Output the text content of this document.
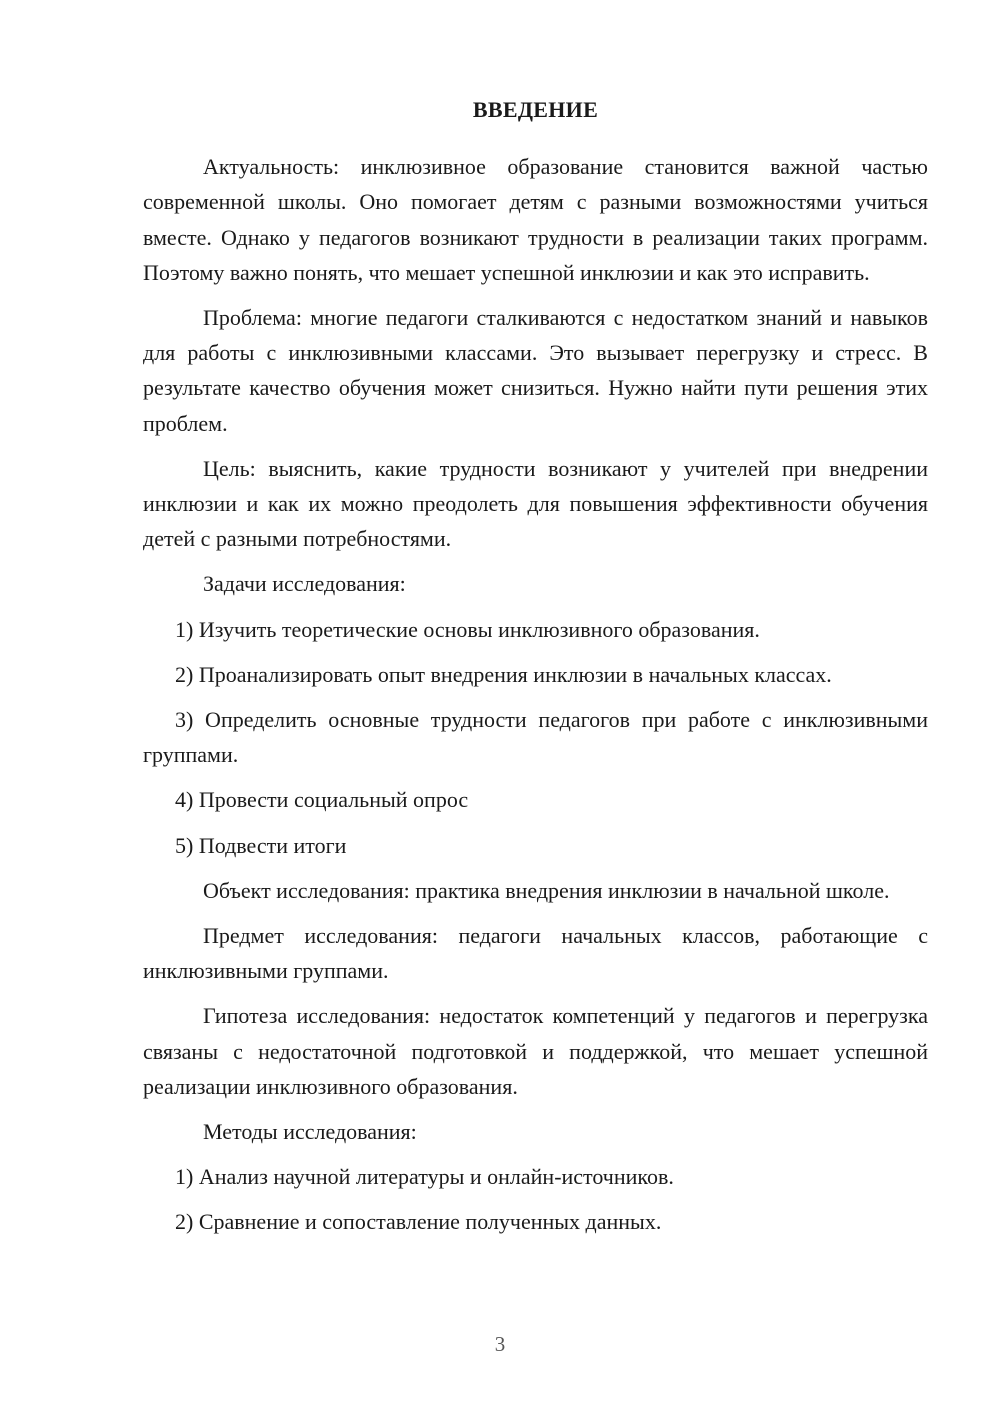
ВВЕДЕНИЕ

Актуальность: инклюзивное образование становится важной частью современной школы. Оно помогает детям с разными возможностями учиться вместе. Однако у педагогов возникают трудности в реализации таких программ. Поэтому важно понять, что мешает успешной инклюзии и как это исправить.

Проблема: многие педагоги сталкиваются с недостатком знаний и навыков для работы с инклюзивными классами. Это вызывает перегрузку и стресс. В результате качество обучения может снизиться. Нужно найти пути решения этих проблем.

Цель: выяснить, какие трудности возникают у учителей при внедрении инклюзии и как их можно преодолеть для повышения эффективности обучения детей с разными потребностями.

Задачи исследования:

1) Изучить теоретические основы инклюзивного образования.

2) Проанализировать опыт внедрения инклюзии в начальных классах.

3) Определить основные трудности педагогов при работе с инклюзивными группами.

4) Провести социальный опрос

5) Подвести итоги

Объект исследования: практика внедрения инклюзии в начальной школе.

Предмет исследования: педагоги начальных классов, работающие с инклюзивными группами.

Гипотеза исследования: недостаток компетенций у педагогов и перегрузка связаны с недостаточной подготовкой и поддержкой, что мешает успешной реализации инклюзивного образования.

Методы исследования:

1) Анализ научной литературы и онлайн-источников.

2) Сравнение и сопоставление полученных данных.

3
